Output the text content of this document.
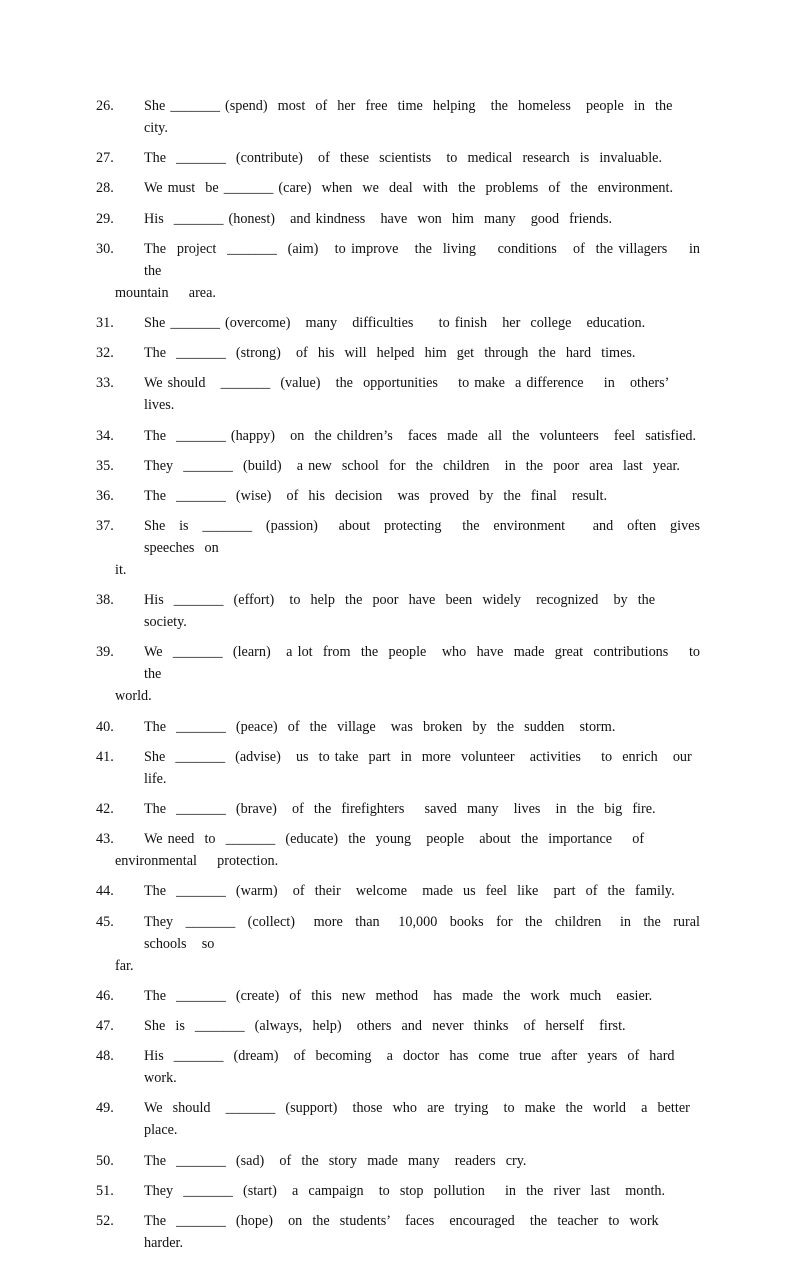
26.	She _______ (spend)  most  of  her  free  time  helping   the  homeless   people  in  the  city.
27.	The  _______  (contribute)   of  these  scientists   to  medical  research  is  invaluable.
28.	We must  be _______ (care)  when  we  deal  with  the  problems  of  the  environment.
29.	His  _______ (honest)   and kindness   have  won  him  many   good  friends.
30.	The  project  _______  (aim)   to improve   the  living    conditions   of  the villagers    in   the
mountain    area.
31.	She _______ (overcome)   many   difficulties     to finish   her  college   education.
32.	The  _______  (strong)   of  his  will  helped  him  get  through  the  hard  times.
33.	We should   _______  (value)   the  opportunities    to make  a difference    in   others’  lives.
34.	The  _______ (happy)   on  the children’s   faces  made  all  the  volunteers   feel  satisfied.
35.	They  _______  (build)   a new  school  for  the  children   in  the  poor  area  last  year.
36.	The  _______  (wise)   of  his  decision   was  proved  by  the  final   result.
37.	She  is  _______  (passion)   about  protecting   the  environment    and  often  gives   speeches  on
it.
38.	His  _______  (effort)   to  help  the  poor  have  been  widely   recognized   by  the  society.
39.	We  _______  (learn)   a lot  from  the  people   who  have  made  great  contributions    to  the
world.
40.	The  _______  (peace)  of  the  village   was  broken  by  the  sudden   storm.
41.	She  _______  (advise)   us  to take  part  in  more  volunteer   activities    to  enrich   our  life.
42.	The  _______  (brave)   of  the  firefighters    saved  many   lives   in  the  big  fire.
43.	We need  to  _______  (educate)  the  young   people   about  the  importance    of
environmental    protection.
44.	The  _______  (warm)   of  their   welcome   made  us  feel  like   part  of  the  family.
45.	They  _______  (collect)   more  than   10,000  books  for  the  children   in  the  rural   schools   so
far.
46.	The  _______  (create)  of  this  new  method   has  made  the  work  much   easier.
47.	She  is  _______  (always,  help)   others  and  never  thinks   of  herself   first.
48.	His  _______  (dream)   of  becoming   a  doctor  has  come  true  after  years  of  hard  work.
49.	We  should   _______  (support)   those  who  are  trying   to  make  the  world   a  better  place.
50.	The  _______  (sad)   of  the  story  made  many   readers  cry.
51.	They  _______  (start)   a  campaign   to  stop  pollution    in  the  river  last   month.
52.	The  _______  (hope)   on  the  students’   faces   encouraged   the  teacher  to  work  harder.
